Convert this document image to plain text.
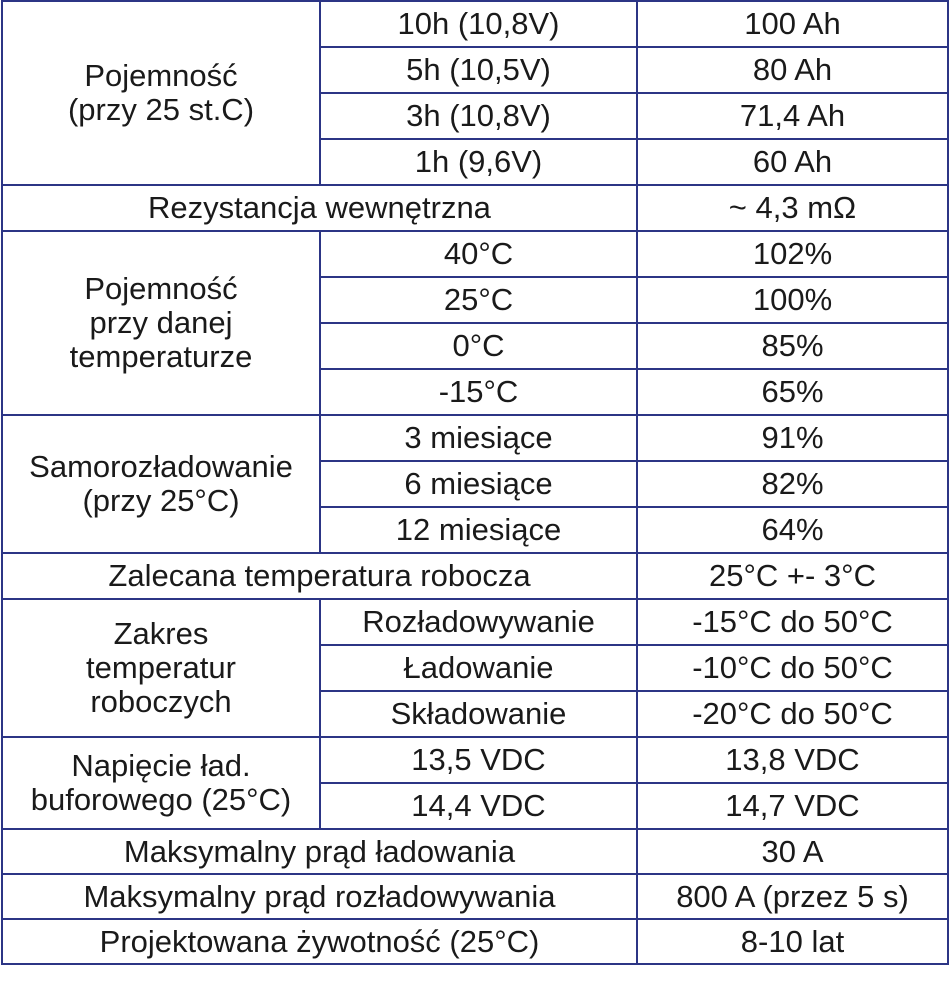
Pojemność
(przy 25 st.C)	10h (10,8V)	100 Ah
	5h (10,5V)	80 Ah
	3h (10,8V)	71,4 Ah
	1h (9,6V)	60 Ah
Rezystancja wewnętrzna		~ 4,3 mΩ

Pojemność
przy danej
temperaturze	40°C	102%
	25°C	100%
	0°C	85%
	-15°C	65%

Samorozładowanie
(przy 25°C)	3 miesiące	91%
	6 miesiące	82%
	12 miesiące	64%
Zalecana temperatura robocza		25°C +- 3°C

Zakres
temperatur
roboczych	Rozładowywanie	-15°C do 50°C
	Ładowanie	-10°C do 50°C
	Składowanie	-20°C do 50°C

Napięcie ład.
buforowego (25°C)	13,5 VDC	13,8 VDC
	14,4 VDC	14,7 VDC
Maksymalny prąd ładowania		30 A
Maksymalny prąd rozładowywania		800 A (przez 5 s)
Projektowana żywotność (25°C)		8-10 lat
